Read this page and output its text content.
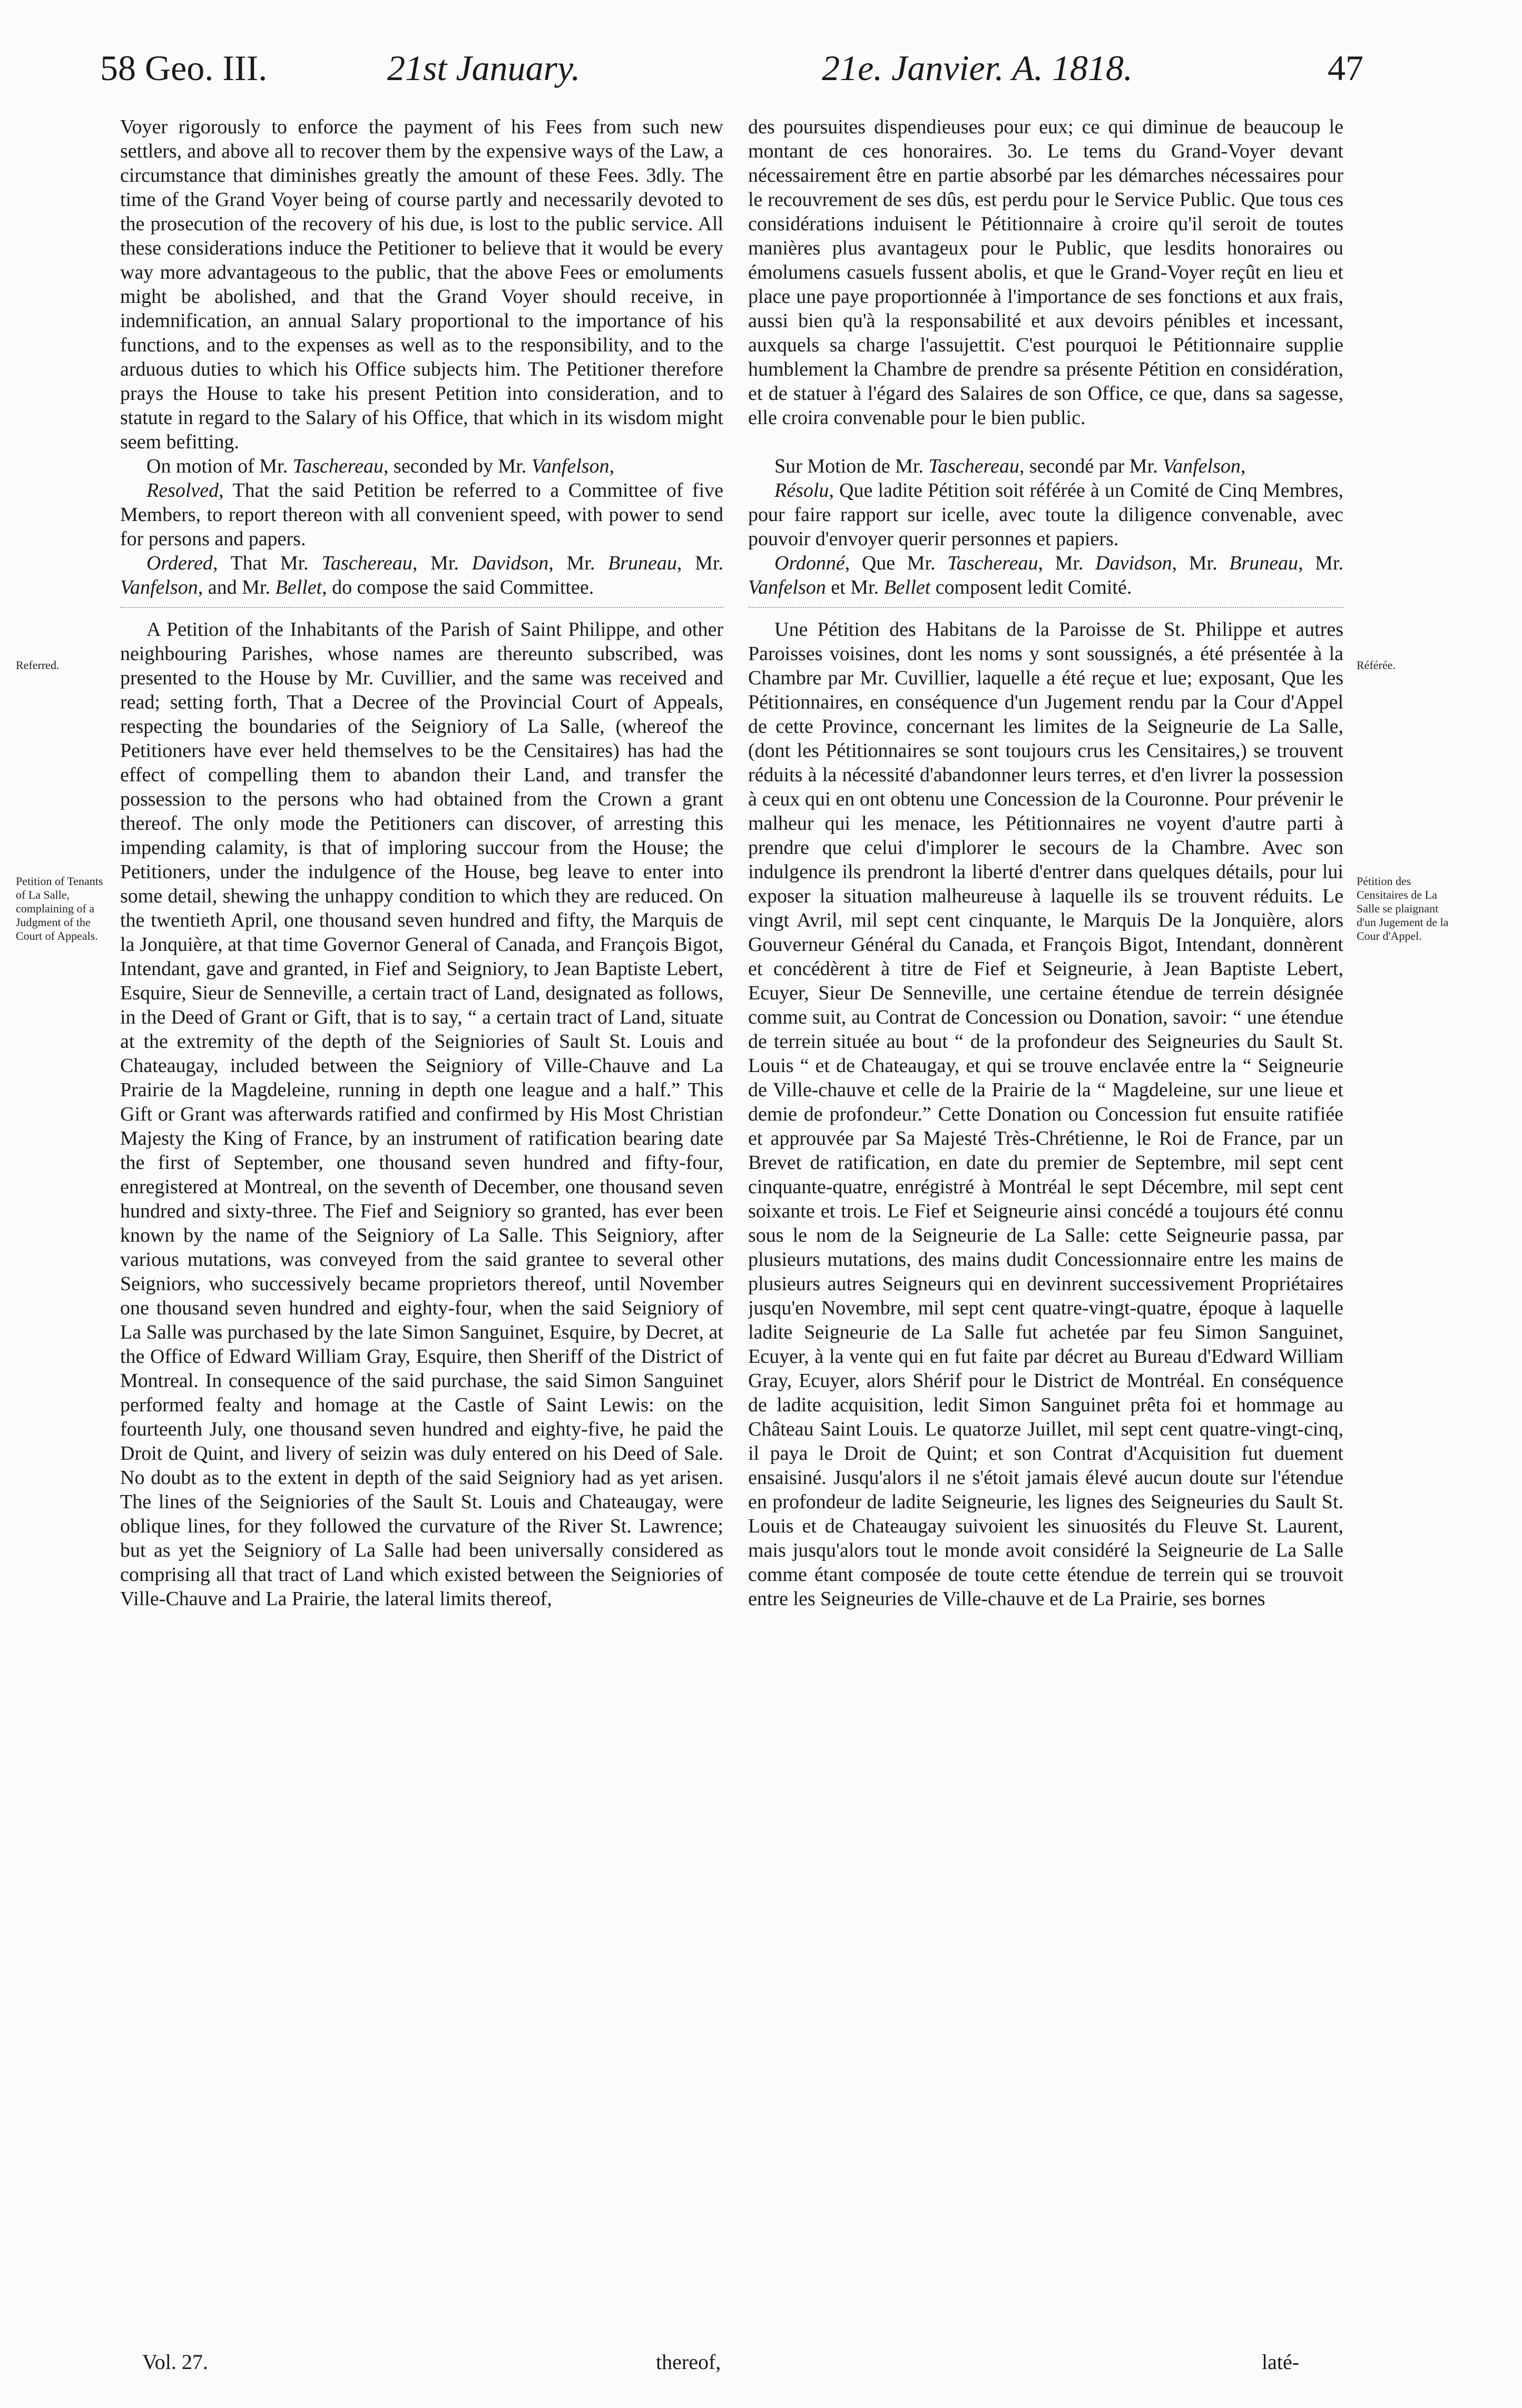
58 Geo. III.	21st January.	21e. Janvier. A. 1818.	47
Referred.
Petition of Tenants of La Salle, complaining of a Judgment of the Court of Appeals.
Référée.
Pétition des Censitaires de La Salle se plaignant d'un Jugement de la Cour d'Appel.

Voyer rigorously to enforce the payment of his Fees from such new settlers, and above all to recover them by the expensive ways of the Law, a circumstance that diminishes greatly the amount of these Fees. 3dly. The time of the Grand Voyer being of course partly and necessarily devoted to the prosecution of the recovery of his due, is lost to the public service. All these considerations induce the Petitioner to believe that it would be every way more advantageous to the public, that the above Fees or emoluments might be abolished, and that the Grand Voyer should receive, in indemnification, an annual Salary proportional to the importance of his functions, and to the expenses as well as to the responsibility, and to the arduous duties to which his Office subjects him. The Petitioner therefore prays the House to take his present Petition into consideration, and to statute in regard to the Salary of his Office, that which in its wisdom might seem befitting.

On motion of Mr. Taschereau, seconded by Mr. Vanfelson,

Resolved, That the said Petition be referred to a Committee of five Members, to report thereon with all convenient speed, with power to send for persons and papers.

Ordered, That Mr. Taschereau, Mr. Davidson, Mr. Bruneau, Mr. Vanfelson, and Mr. Bellet, do compose the said Committee.

A Petition of the Inhabitants of the Parish of Saint Philippe, and other neighbouring Parishes, whose names are thereunto subscribed, was presented to the House by Mr. Cuvillier, and the same was received and read; setting forth, That a Decree of the Provincial Court of Appeals, respecting the boundaries of the Seigniory of La Salle, (whereof the Petitioners have ever held themselves to be the Censitaires) has had the effect of compelling them to abandon their Land, and transfer the possession to the persons who had obtained from the Crown a grant thereof. The only mode the Petitioners can discover, of arresting this impending calamity, is that of imploring succour from the House; the Petitioners, under the indulgence of the House, beg leave to enter into some detail, shewing the unhappy condition to which they are reduced. On the twentieth April, one thousand seven hundred and fifty, the Marquis de la Jonquière, at that time Governor General of Canada, and François Bigot, Intendant, gave and granted, in Fief and Seigniory, to Jean Baptiste Lebert, Esquire, Sieur de Senneville, a certain tract of Land, designated as follows, in the Deed of Grant or Gift, that is to say, “ a certain tract of Land, situate at the extremity of the depth of the Seigniories of Sault St. Louis and Chateaugay, included between the Seigniory of Ville-Chauve and La Prairie de la Magdeleine, running in depth one league and a half.” This Gift or Grant was afterwards ratified and confirmed by His Most Christian Majesty the King of France, by an instrument of ratification bearing date the first of September, one thousand seven hundred and fifty-four, enregistered at Montreal, on the seventh of December, one thousand seven hundred and sixty-three. The Fief and Seigniory so granted, has ever been known by the name of the Seigniory of La Salle. This Seigniory, after various mutations, was conveyed from the said grantee to several other Seigniors, who successively became proprietors thereof, until November one thousand seven hundred and eighty-four, when the said Seigniory of La Salle was purchased by the late Simon Sanguinet, Esquire, by Decret, at the Office of Edward William Gray, Esquire, then Sheriff of the District of Montreal. In consequence of the said purchase, the said Simon Sanguinet performed fealty and homage at the Castle of Saint Lewis: on the fourteenth July, one thousand seven hundred and eighty-five, he paid the Droit de Quint, and livery of seizin was duly entered on his Deed of Sale. No doubt as to the extent in depth of the said Seigniory had as yet arisen. The lines of the Seigniories of the Sault St. Louis and Chateaugay, were oblique lines, for they followed the curvature of the River St. Lawrence; but as yet the Seigniory of La Salle had been universally considered as comprising all that tract of Land which existed between the Seigniories of Ville-Chauve and La Prairie, the lateral limits thereof,

des poursuites dispendieuses pour eux; ce qui diminue de beaucoup le montant de ces honoraires. 3o. Le tems du Grand-Voyer devant nécessairement être en partie absorbé par les démarches nécessaires pour le recouvrement de ses dûs, est perdu pour le Service Public. Que tous ces considérations induisent le Pétitionnaire à croire qu'il seroit de toutes manières plus avantageux pour le Public, que lesdits honoraires ou émolumens casuels fussent abolis, et que le Grand-Voyer reçût en lieu et place une paye proportionnée à l'importance de ses fonctions et aux frais, aussi bien qu'à la responsabilité et aux devoirs pénibles et incessant, auxquels sa charge l'assujettit. C'est pourquoi le Pétitionnaire supplie humblement la Chambre de prendre sa présente Pétition en considération, et de statuer à l'égard des Salaires de son Office, ce que, dans sa sagesse, elle croira convenable pour le bien public.

Sur Motion de Mr. Taschereau, secondé par Mr. Vanfelson,

Résolu, Que ladite Pétition soit référée à un Comité de Cinq Membres, pour faire rapport sur icelle, avec toute la diligence convenable, avec pouvoir d'envoyer querir personnes et papiers.

Ordonné, Que Mr. Taschereau, Mr. Davidson, Mr. Bruneau, Mr. Vanfelson et Mr. Bellet composent ledit Comité.

Une Pétition des Habitans de la Paroisse de St. Philippe et autres Paroisses voisines, dont les noms y sont soussignés, a été présentée à la Chambre par Mr. Cuvillier, laquelle a été reçue et lue; exposant, Que les Pétitionnaires, en conséquence d'un Jugement rendu par la Cour d'Appel de cette Province, concernant les limites de la Seigneurie de La Salle, (dont les Pétitionnaires se sont toujours crus les Censitaires,) se trouvent réduits à la nécessité d'abandonner leurs terres, et d'en livrer la possession à ceux qui en ont obtenu une Concession de la Couronne. Pour prévenir le malheur qui les menace, les Pétitionnaires ne voyent d'autre parti à prendre que celui d'implorer le secours de la Chambre. Avec son indulgence ils prendront la liberté d'entrer dans quelques détails, pour lui exposer la situation malheureuse à laquelle ils se trouvent réduits. Le vingt Avril, mil sept cent cinquante, le Marquis De la Jonquière, alors Gouverneur Général du Canada, et François Bigot, Intendant, donnèrent et concédèrent à titre de Fief et Seigneurie, à Jean Baptiste Lebert, Ecuyer, Sieur De Senneville, une certaine étendue de terrein désignée comme suit, au Contrat de Concession ou Donation, savoir: “ une étendue de terrein située au bout “ de la profondeur des Seigneuries du Sault St. Louis “ et de Chateaugay, et qui se trouve enclavée entre la “ Seigneurie de Ville-chauve et celle de la Prairie de la “ Magdeleine, sur une lieue et demie de profondeur.” Cette Donation ou Concession fut ensuite ratifiée et approuvée par Sa Majesté Très-Chrétienne, le Roi de France, par un Brevet de ratification, en date du premier de Septembre, mil sept cent cinquante-quatre, enrégistré à Montréal le sept Décembre, mil sept cent soixante et trois. Le Fief et Seigneurie ainsi concédé a toujours été connu sous le nom de la Seigneurie de La Salle: cette Seigneurie passa, par plusieurs mutations, des mains dudit Concessionnaire entre les mains de plusieurs autres Seigneurs qui en devinrent successivement Propriétaires jusqu'en Novembre, mil sept cent quatre-vingt-quatre, époque à laquelle ladite Seigneurie de La Salle fut achetée par feu Simon Sanguinet, Ecuyer, à la vente qui en fut faite par décret au Bureau d'Edward William Gray, Ecuyer, alors Shérif pour le District de Montréal. En conséquence de ladite acquisition, ledit Simon Sanguinet prêta foi et hommage au Château Saint Louis. Le quatorze Juillet, mil sept cent quatre-vingt-cinq, il paya le Droit de Quint; et son Contrat d'Acquisition fut duement ensaisiné. Jusqu'alors il ne s'étoit jamais élevé aucun doute sur l'étendue en profondeur de ladite Seigneurie, les lignes des Seigneuries du Sault St. Louis et de Chateaugay suivoient les sinuosités du Fleuve St. Laurent, mais jusqu'alors tout le monde avoit considéré la Seigneurie de La Salle comme étant composée de toute cette étendue de terrein qui se trouvoit entre les Seigneuries de Ville-chauve et de La Prairie, ses bornes

Vol. 27.	thereof,	laté-
